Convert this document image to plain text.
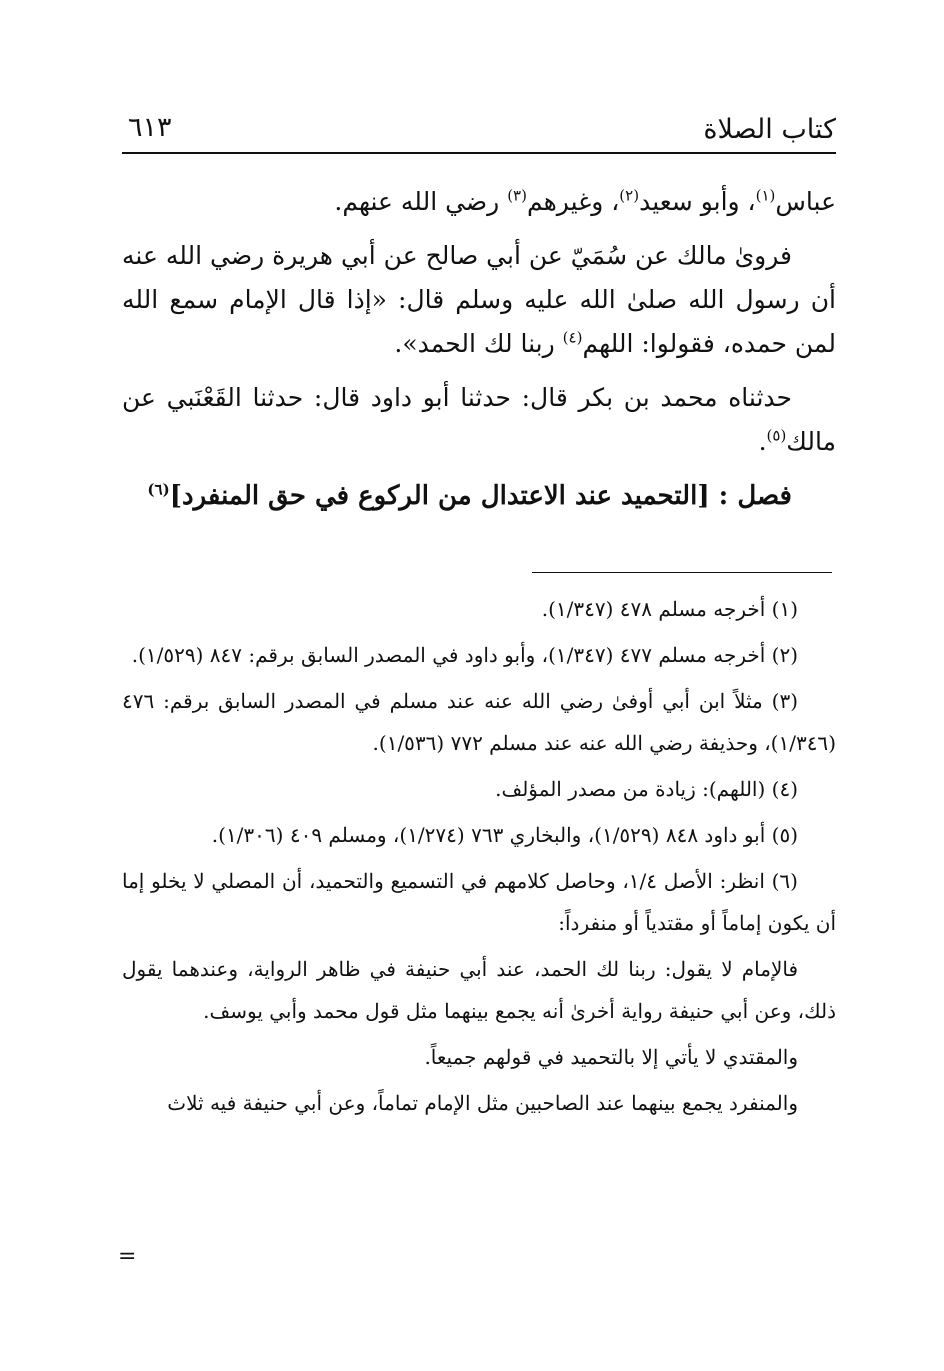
كتاب الصلاة
٦١٣

عباس$^{(١)}$، وأبو سعيد$^{(٢)}$، وغيرهم$^{(٣)}$ رضي الله عنهم.

فروىٰ مالك عن سُمَيّ عن أبي صالح عن أبي هريرة رضي الله عنه أن رسول الله صلىٰ الله عليه وسلم قال: «إذا قال الإمام سمع الله لمن حمده، فقولوا: اللهم$^{(٤)}$ ربنا لك الحمد».

حدثناه محمد بن بكر قال: حدثنا أبو داود قال: حدثنا القَعْنَبي عن مالك$^{(٥)}$.

فصل : [التحميد عند الاعتدال من الركوع في حق المنفرد]$^{(٦)}$

(١) أخرجه مسلم ٤٧٨ (١/٣٤٧).

(٢) أخرجه مسلم ٤٧٧ (١/٣٤٧)، وأبو داود في المصدر السابق برقم: ٨٤٧ (١/٥٢٩).

(٣) مثلاً ابن أبي أوفىٰ رضي الله عنه عند مسلم في المصدر السابق برقم: ٤٧٦ (١/٣٤٦)، وحذيفة رضي الله عنه عند مسلم ٧٧٢ (١/٥٣٦).

(٤) (اللهم): زيادة من مصدر المؤلف.

(٥) أبو داود ٨٤٨ (١/٥٢٩)، والبخاري ٧٦٣ (١/٢٧٤)، ومسلم ٤٠٩ (١/٣٠٦).

(٦) انظر: الأصل ١/٤، وحاصل كلامهم في التسميع والتحميد، أن المصلي لا يخلو إما أن يكون إماماً أو مقتدياً أو منفرداً:

فالإمام لا يقول: ربنا لك الحمد، عند أبي حنيفة في ظاهر الرواية، وعندهما يقول ذلك، وعن أبي حنيفة رواية أخرىٰ أنه يجمع بينهما مثل قول محمد وأبي يوسف.

والمقتدي لا يأتي إلا بالتحميد في قولهم جميعاً.

والمنفرد يجمع بينهما عند الصاحبين مثل الإمام تماماً، وعن أبي حنيفة فيه ثلاث

=
